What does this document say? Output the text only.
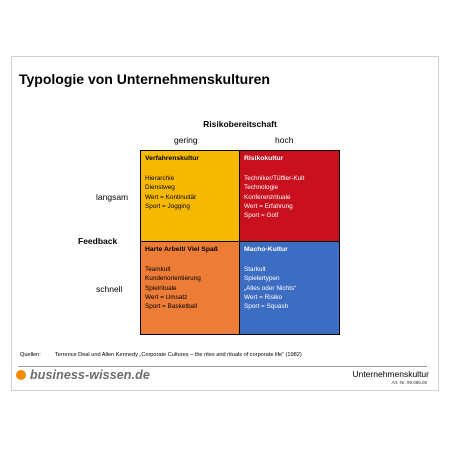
Typologie von Unternehmenskulturen
Risikobereitschaft
gering	hoch
langsam
Feedback
schnell
Verfahrenskultur
Hierarchie
Dienstweg
Wert = Kontinuität
Sport = Jogging
Risikokultur
Techniker/Tüftler-Kult
Technologie
Konferenzrituale
Wert = Erfahrung
Sport = Golf
Harte Arbeit/ Viel Spaß
Teamkult
Kundenorientierung
Spielrituale
Wert = Umsatz
Sport = Basketball
Macho-Kultur
Starkult
Spielertypen
„Alles oder Nichts“
Wert = Risiko
Sport = Squash
Quellen:	Terrence Deal und Allen Kennedy „Corporate Cultures – the rites and rituals of corporate life“ (1982)
business-wissen.de	Unternehmenskultur
Art.-Nr. 99.086.05
